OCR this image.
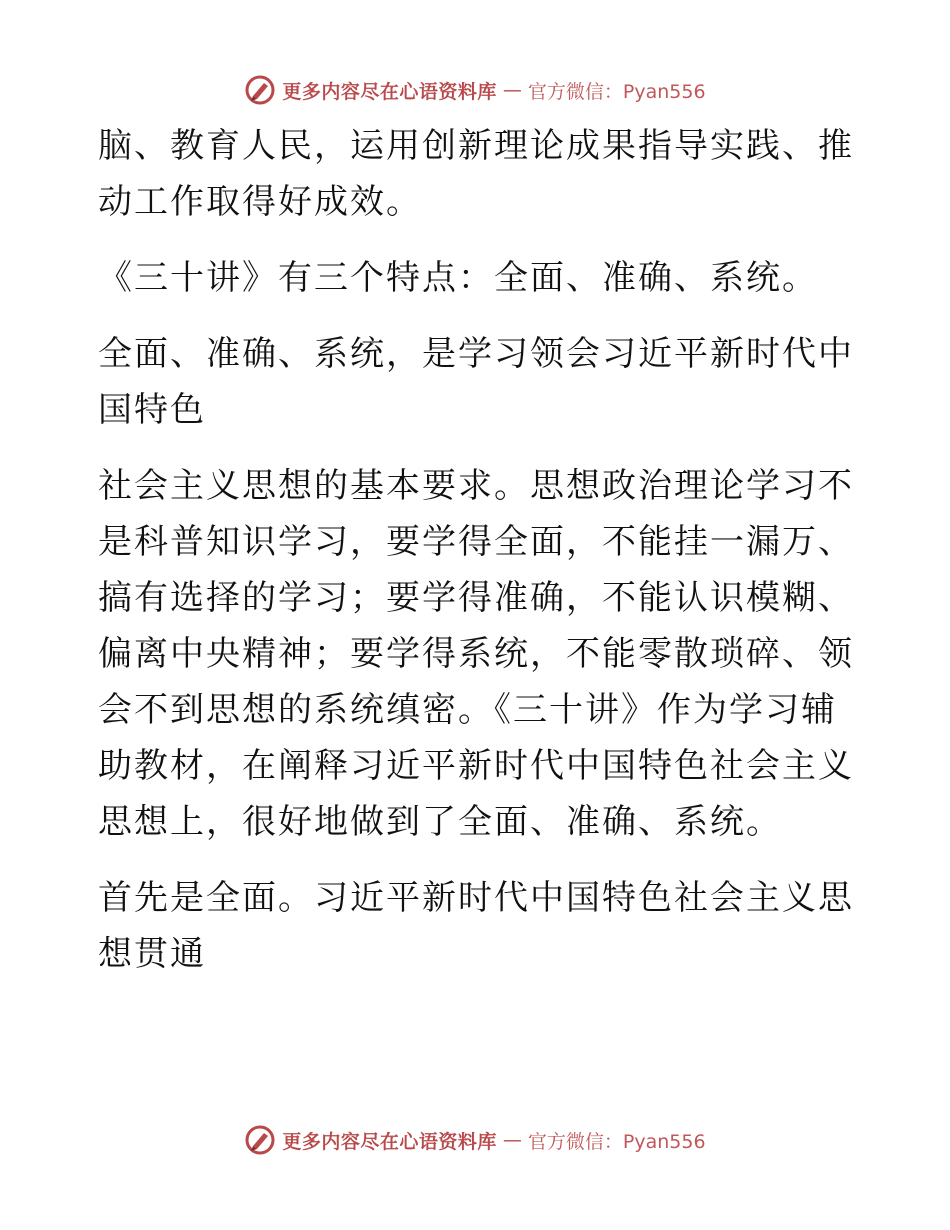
更多内容尽在心语资料库 — 官方微信：Pyan556

脑、教育人民，运用创新理论成果指导实践、推动工作取得好成效。

《三十讲》有三个特点：全面、准确、系统。

全面、准确、系统，是学习领会习近平新时代中国特色

社会主义思想的基本要求。思想政治理论学习不是科普知识学习，要学得全面，不能挂一漏万、搞有选择的学习；要学得准确，不能认识模糊、偏离中央精神；要学得系统，不能零散琐碎、领会不到思想的系统缜密。《三十讲》作为学习辅助教材，在阐释习近平新时代中国特色社会主义思想上，很好地做到了全面、准确、系统。

首先是全面。习近平新时代中国特色社会主义思想贯通

更多内容尽在心语资料库 — 官方微信：Pyan556
